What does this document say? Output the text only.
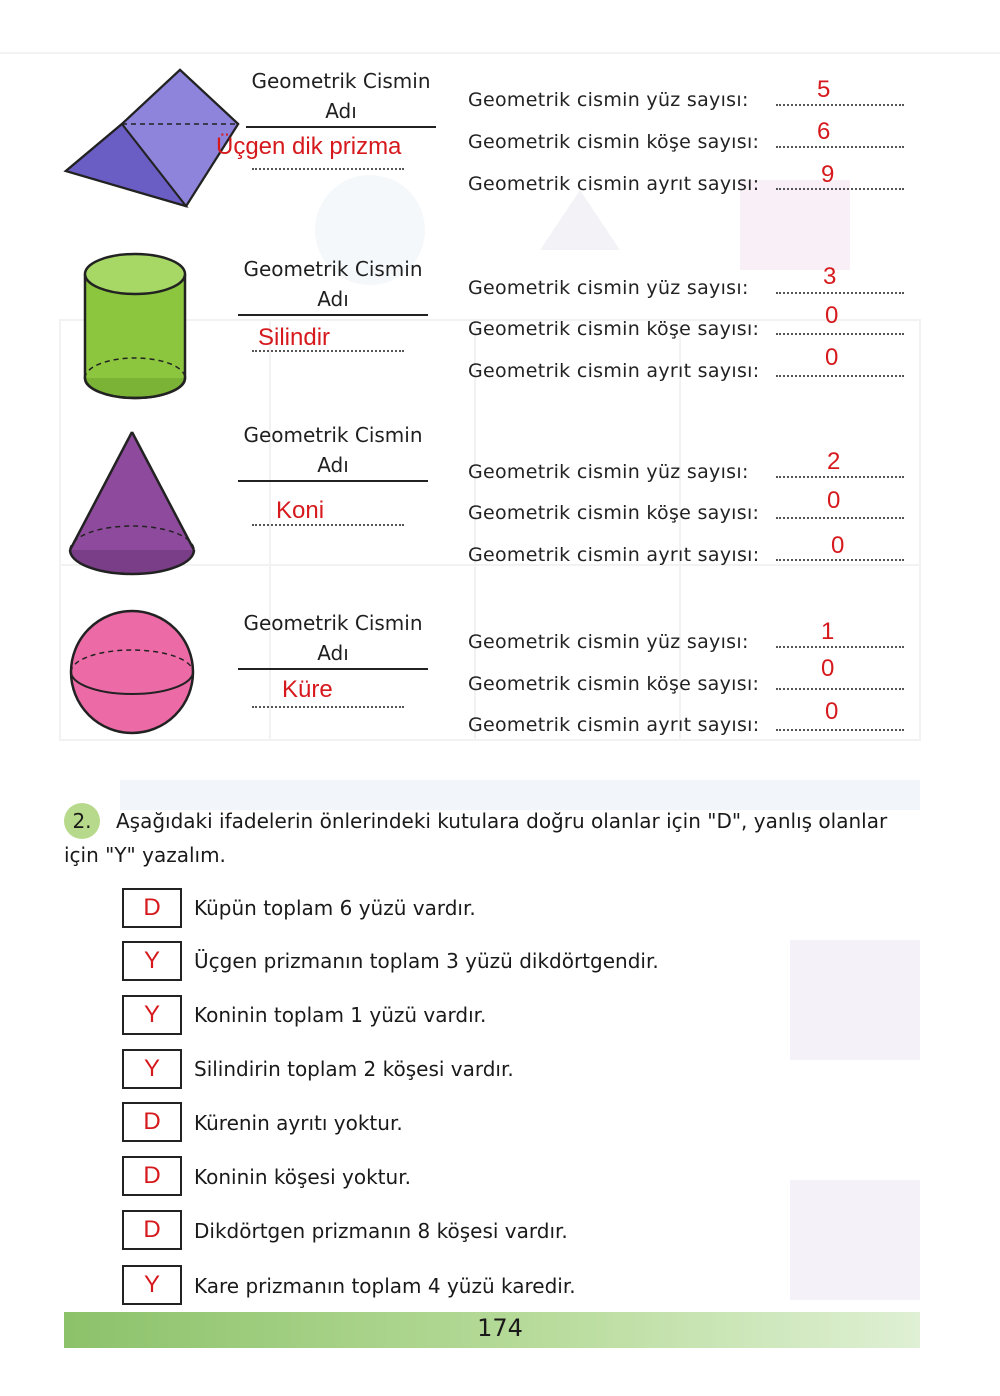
Geometrik Cismin
Adı
Üçgen dik prizma
Geometrik Cismin
Adı
Silindir
Geometrik Cismin
Adı
Koni
Geometrik Cismin
Adı
Küre
Geometrik cismin yüz sayısı:	5
Geometrik cismin köşe sayısı: 6
Geometrik cismin ayrıt sayısı:	9
Geometrik cismin yüz sayısı:	3
Geometrik cismin köşe sayısı:	0
Geometrik cismin ayrıt sayısı:	0
Geometrik cismin yüz sayısı:	2
Geometrik cismin köşe sayısı:	0
Geometrik cismin ayrıt sayısı:	0
Geometrik cismin yüz sayısı:	1
Geometrik cismin köşe sayısı:
0
Geometrik cismin ayrıt sayısı:	0
2.	Aşağıdaki ifadelerin önlerindeki kutulara doğru olanlar için "D", yanlış olanlar
için "Y" yazalım.
D	Küpün toplam 6 yüzü vardır.
Y	Üçgen prizmanın toplam 3 yüzü dikdörtgendir.
Y	Koninin toplam 1 yüzü vardır.
Y	Silindirin toplam 2 köşesi vardır.
D	Kürenin ayrıtı yoktur.
D	Koninin köşesi yoktur.
D	Dikdörtgen prizmanın 8 köşesi vardır.
Y	Kare prizmanın toplam 4 yüzü karedir.
174
